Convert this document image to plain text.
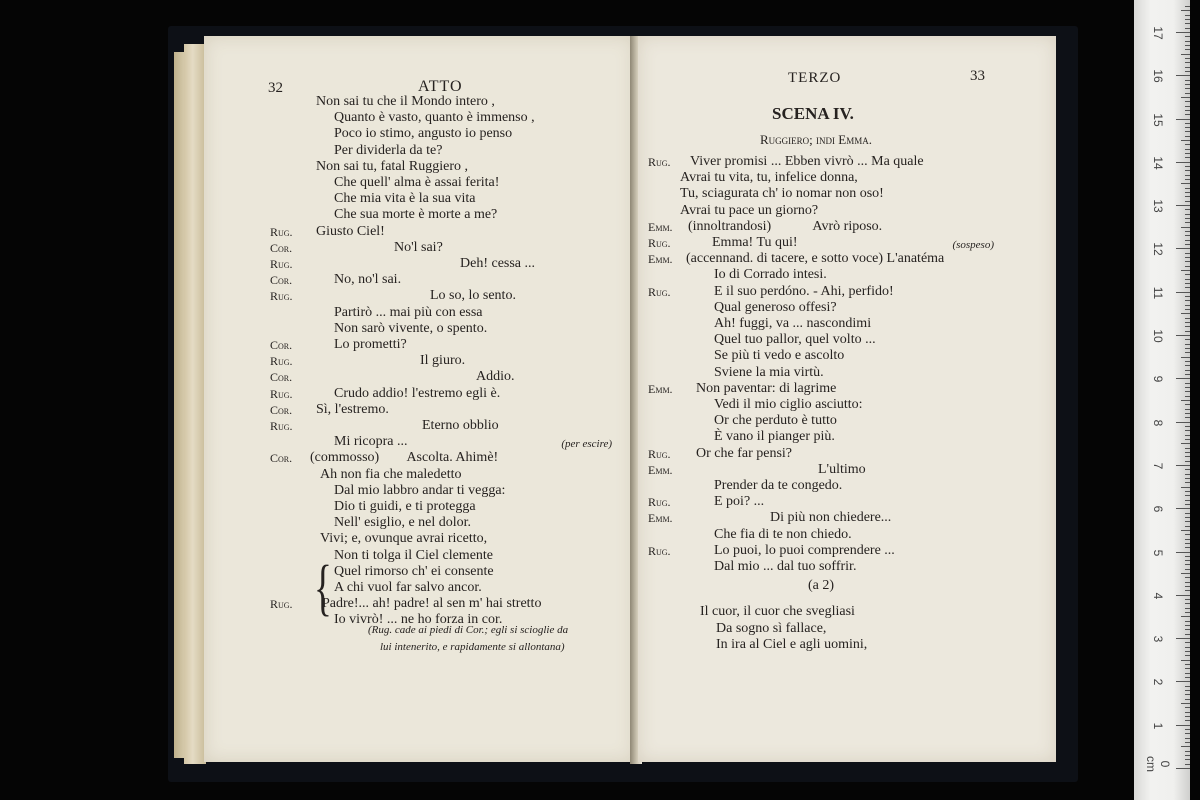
32	ATTO
Non sai tu che il Mondo intero ,
Quanto è vasto, quanto è immenso ,
Poco io stimo, angusto io penso
Per dividerla da te?
Non sai tu, fatal Ruggiero ,
Che quell' alma è assai ferita!
Che mia vita è la sua vita
Che sua morte è morte a me?
Rug. Giusto Ciel!
Cor.	No'l sai?
Rug.	Deh! cessa ...
Cor.	No, no'l sai.
Rug.	Lo so, lo sento.
Partirò ... mai più con essa
Non sarò vivente, o spento.
Cor.	Lo prometti?
Rug.	Il giuro.
Cor.	Addio.
Rug.	Crudo addio! l'estremo egli è.
Cor. Sì, l'estremo.
Rug.	Eterno obblio
Mi ricopra ...	(per escire)
Cor. (commosso)        Ascolta. Ahimè!
Ah non fia che maledetto
Dal mio labbro andar ti vegga:
Dio ti guidi, e ti protegga
Nell' esiglio, e nel dolor.
Vivi; e, ovunque avrai ricetto,
Non ti tolga il Ciel clemente
Quel rimorso ch' ei consente
A chi vuol far salvo ancor.
Rug. Padre!... ah! padre! al sen m' hai stretto
Io vivrò! ... ne ho forza in cor.
{
(Rug. cade ai piedi di Cor.; egli si scioglie da
lui intenerito, e rapidamente si allontana)
TERZO	33
SCENA IV.
Ruggiero; indi Emma.
Rug. Viver promisi ... Ebben vivrò ... Ma quale
Avrai tu vita, tu, infelice donna,
Tu, sciagurata ch' io nomar non oso!
Avrai tu pace un giorno?
Emm. (innoltrandosi)            Avrò riposo.
Rug.	Emma! Tu qui!	(sospeso)
Emm. (accennand. di tacere, e sotto voce) L'anatéma
Io di Corrado intesi.
Rug.	E il suo perdóno. - Ahi, perfido!
Qual generoso offesi?
Ah! fuggi, va ... nascondimi
Quel tuo pallor, quel volto ...
Se più ti vedo e ascolto
Sviene la mia virtù.
Emm. Non paventar: di lagrime
Vedi il mio ciglio asciutto:
Or che perduto è tutto
È vano il pianger più.
Rug. Or che far pensi?
Emm.	L'ultimo
Prender da te congedo.
Rug.	E poi? ...
Emm.	Di più non chiedere...
Che fia di te non chiedo.
Rug.	Lo puoi, lo puoi comprendere ...
Dal mio ... dal tuo soffrir.
(a 2)
Il cuor, il cuor che svegliasi
Da sogno sì fallace,
In ira al Ciel e agli uomini,
0 cm
1
2
3
4
5
6
7
8
9
10
11
12
13
14
15
16
17
